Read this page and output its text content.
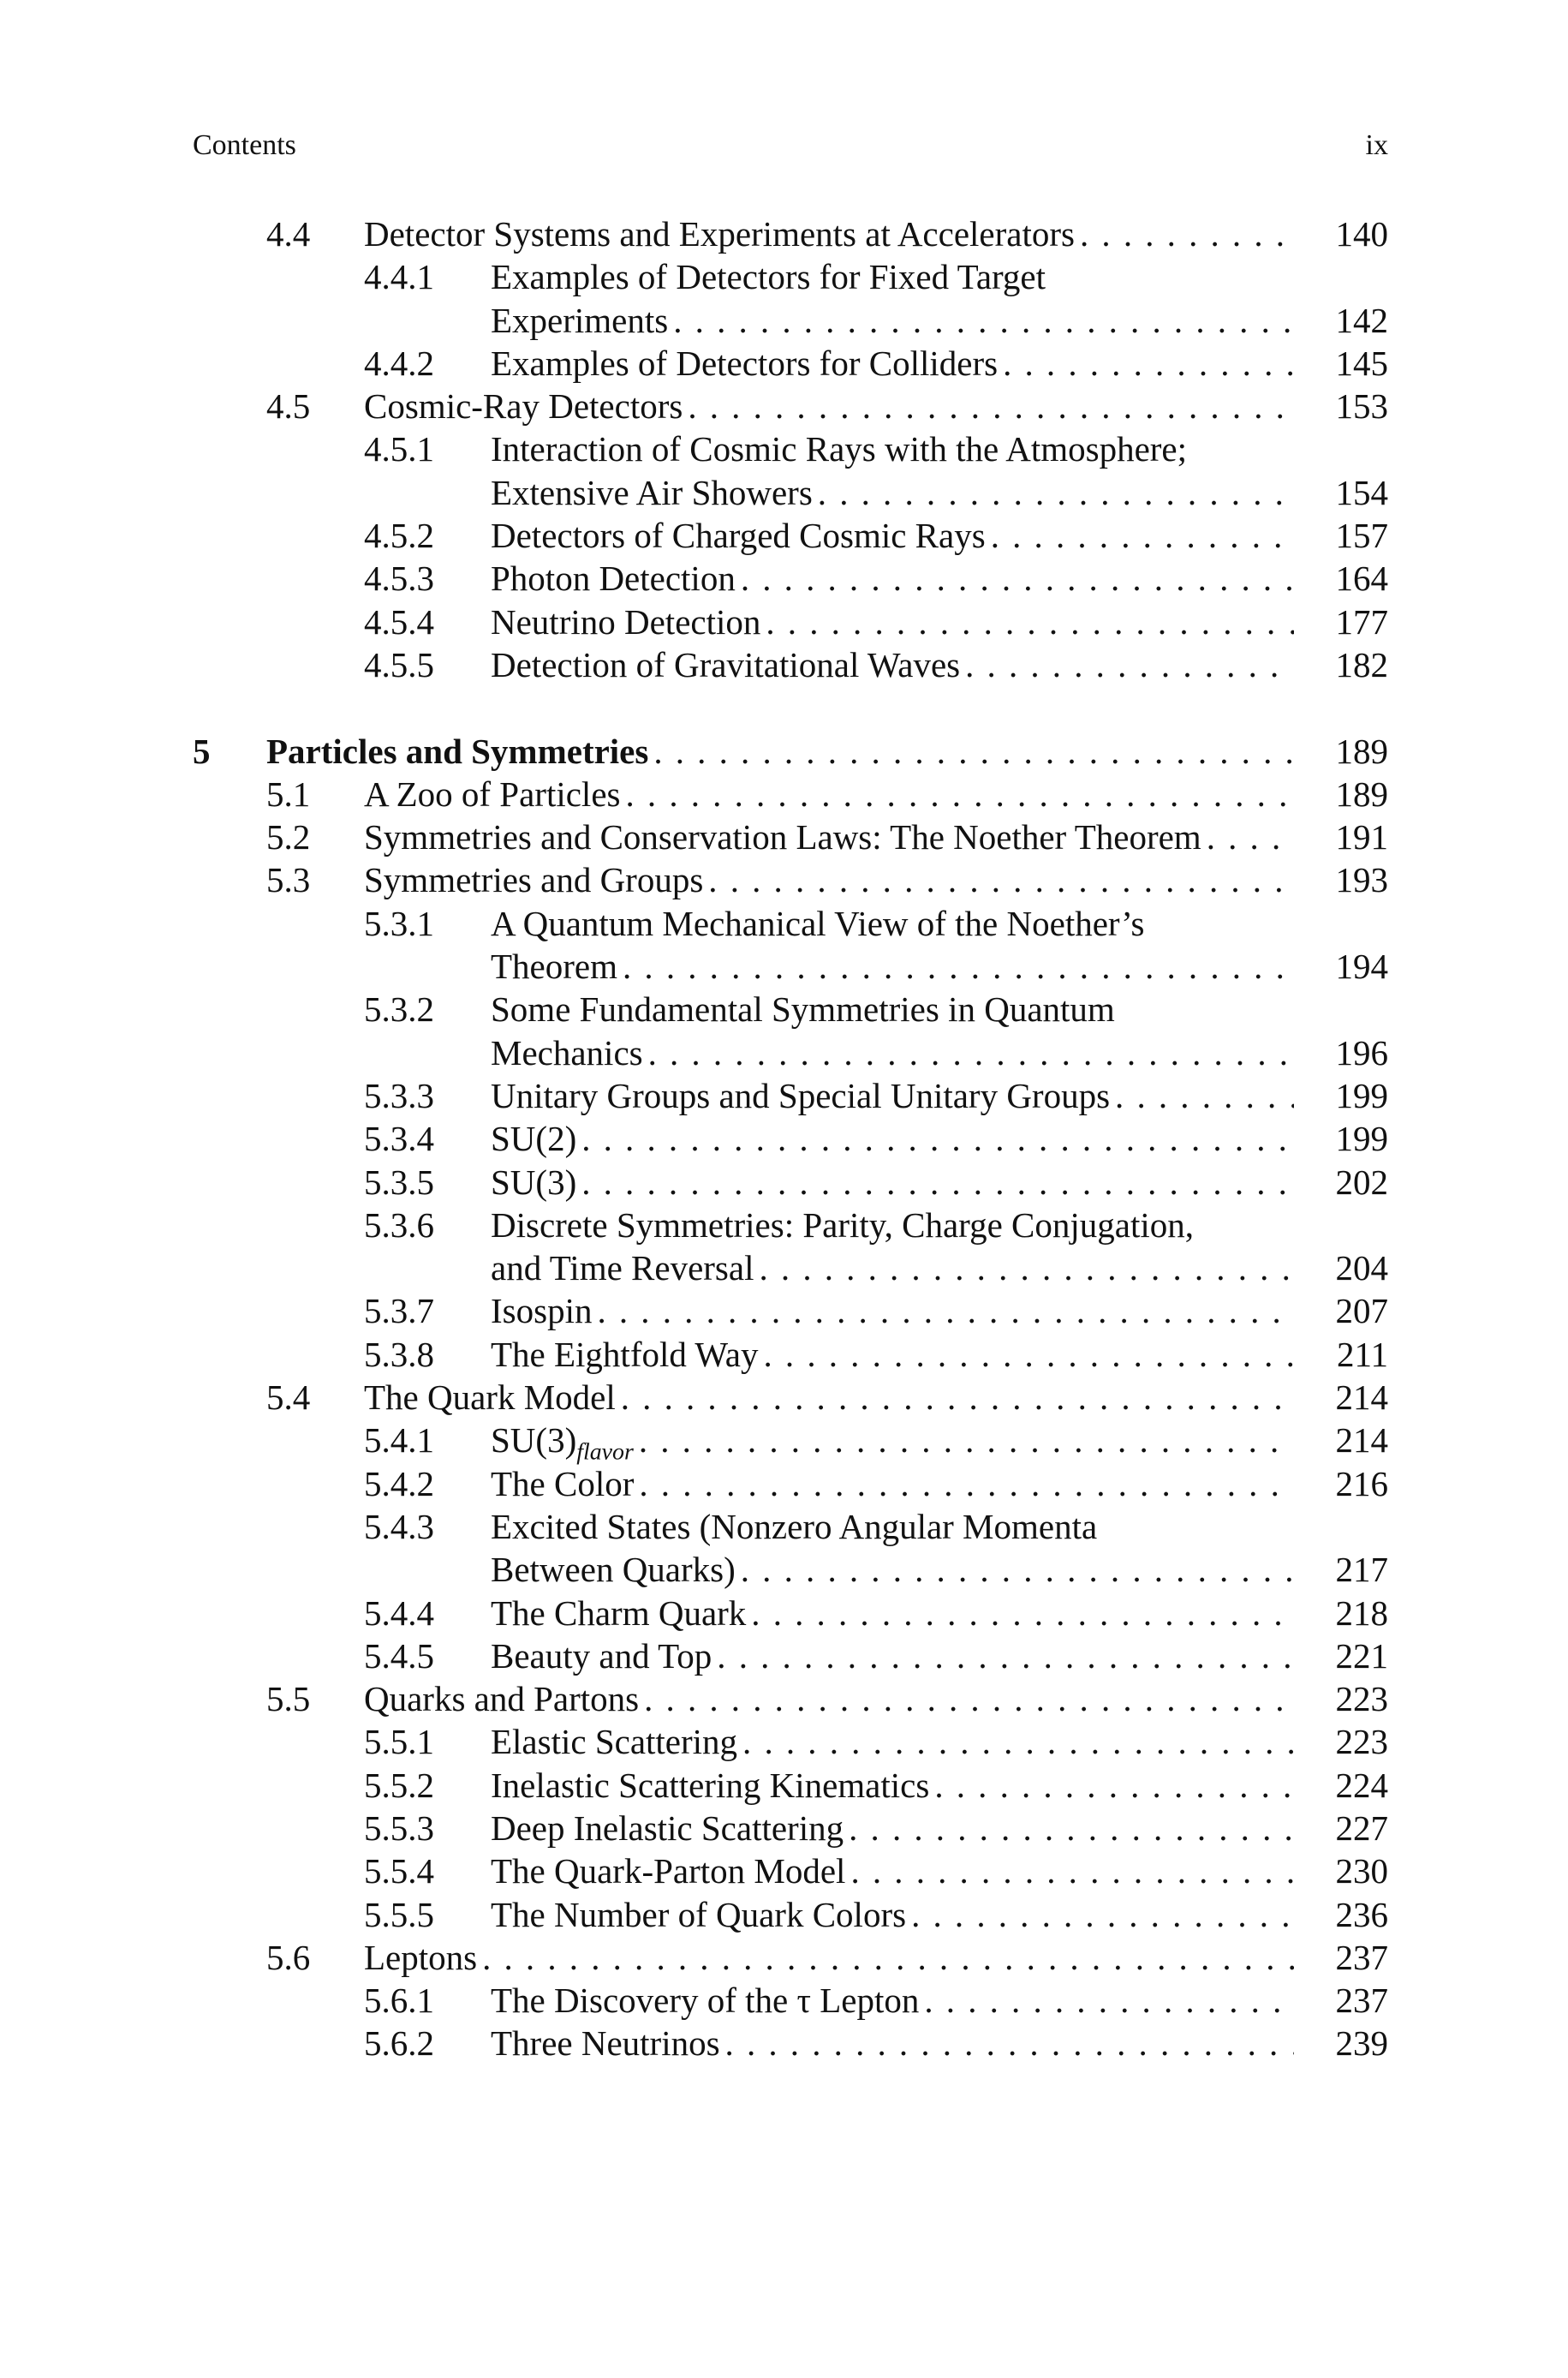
Contents	ix
4.4 Detector Systems and Experiments at Accelerators . . .	140
4.4.1 Examples of Detectors for Fixed Target
Experiments . . .	142
4.4.2 Examples of Detectors for Colliders . . .	145
4.5 Cosmic-Ray Detectors . . .	153
4.5.1 Interaction of Cosmic Rays with the Atmosphere;
Extensive Air Showers . . .	154
4.5.2 Detectors of Charged Cosmic Rays . . .	157
4.5.3 Photon Detection . . .	164
4.5.4 Neutrino Detection . . .	177
4.5.5 Detection of Gravitational Waves . . .	182
5 Particles and Symmetries . . .	189
5.1 A Zoo of Particles . . .	189
5.2 Symmetries and Conservation Laws: The Noether Theorem . . .	191
5.3 Symmetries and Groups . . .	193
5.3.1 A Quantum Mechanical View of the Noether’s
Theorem . . .	194
5.3.2 Some Fundamental Symmetries in Quantum
Mechanics . . .	196
5.3.3 Unitary Groups and Special Unitary Groups . . .	199
5.3.4 SU(2) . . .	199
5.3.5 SU(3) . . .	202
5.3.6 Discrete Symmetries: Parity, Charge Conjugation,
and Time Reversal . . .	204
5.3.7 Isospin . . .	207
5.3.8 The Eightfold Way . . .	211
5.4 The Quark Model . . .	214
5.4.1 $SU(3)_{flavor}$ . . .	214
5.4.2 The Color . . .	216
5.4.3 Excited States (Nonzero Angular Momenta
Between Quarks) . . .	217
5.4.4 The Charm Quark . . .	218
5.4.5 Beauty and Top . . .	221
5.5 Quarks and Partons . . .	223
5.5.1 Elastic Scattering . . .	223
5.5.2 Inelastic Scattering Kinematics . . .	224
5.5.3 Deep Inelastic Scattering . . .	227
5.5.4 The Quark-Parton Model . . .	230
5.5.5 The Number of Quark Colors . . .	236
5.6 Leptons . . .	237
5.6.1 The Discovery of the τ Lepton . . .	237
5.6.2 Three Neutrinos . . .	239
